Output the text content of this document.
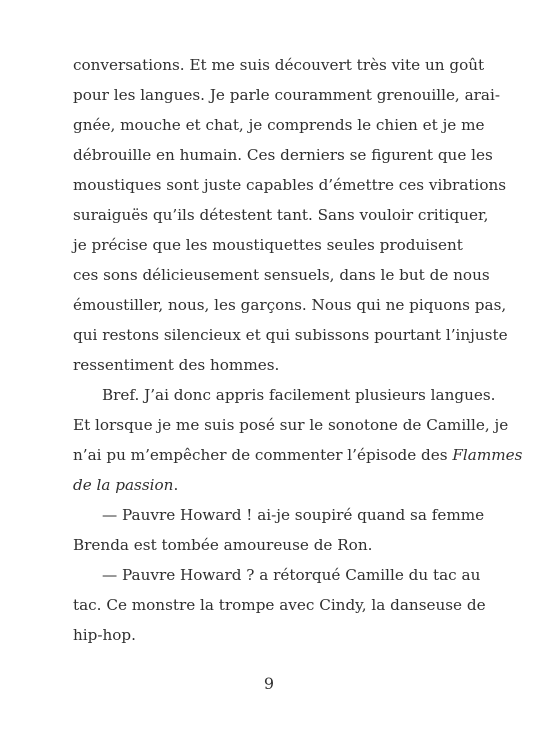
conversations. Et me suis découvert très vite un goût
pour les langues. Je parle couramment grenouille, arai-
gnée, mouche et chat, je comprends le chien et je me
débrouille en humain. Ces derniers se figurent que les
moustiques sont juste capables d’émettre ces vibrations
suraiguës qu’ils détestent tant. Sans vouloir critiquer,
je précise que les moustiquettes seules produisent
ces sons délicieusement sensuels, dans le but de nous
émoustiller, nous, les garçons. Nous qui ne piquons pas,
qui restons silencieux et qui subissons pourtant l’injuste
ressentiment des hommes.
Bref. J’ai donc appris facilement plusieurs langues.
Et lorsque je me suis posé sur le sonotone de Camille, je
n’ai pu m’empêcher de commenter l’épisode des Flammes
de la passion.
— Pauvre Howard ! ai-je soupiré quand sa femme
Brenda est tombée amoureuse de Ron.
— Pauvre Howard ? a rétorqué Camille du tac au
tac. Ce monstre la trompe avec Cindy, la danseuse de
hip-hop.
9
